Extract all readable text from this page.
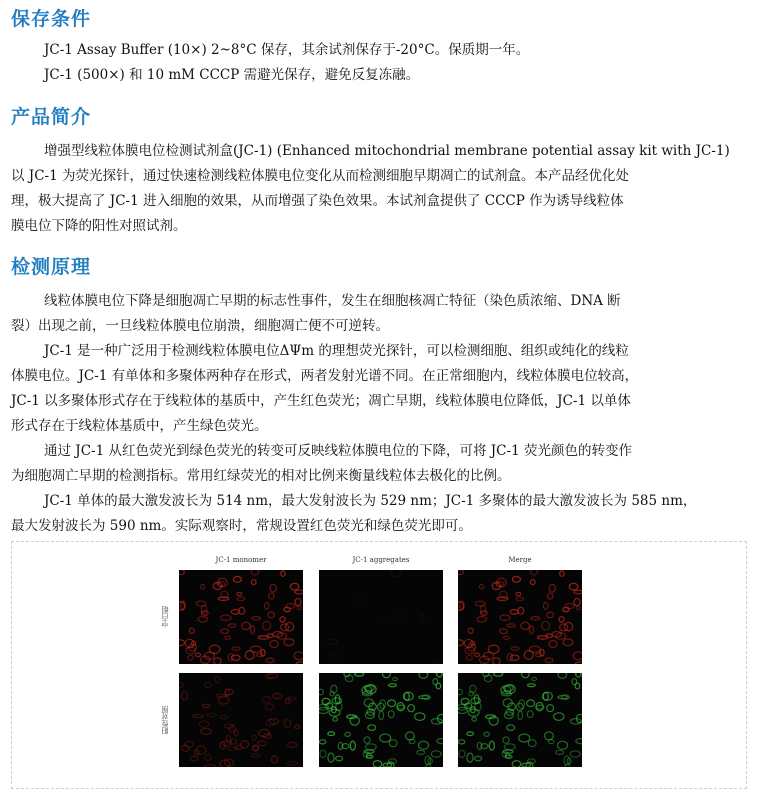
保存条件
JC-1 Assay Buffer (10×) 2~8°C 保存，其余试剂保存于-20°C。保质期一年。
JC-1 (500×) 和 10 mM CCCP 需避光保存，避免反复冻融。
产品简介
增强型线粒体膜电位检测试剂盒(JC-1) (Enhanced mitochondrial membrane potential assay kit with JC-1)
以 JC-1 为荧光探针，通过快速检测线粒体膜电位变化从而检测细胞早期凋亡的试剂盒。本产品经优化处
理，极大提高了 JC-1 进入细胞的效果，从而增强了染色效果。本试剂盒提供了 CCCP 作为诱导线粒体
膜电位下降的阳性对照试剂。
检测原理
线粒体膜电位下降是细胞凋亡早期的标志性事件，发生在细胞核凋亡特征（染色质浓缩、DNA 断
裂）出现之前，一旦线粒体膜电位崩溃，细胞凋亡便不可逆转。
JC-1 是一种广泛用于检测线粒体膜电位ΔΨm 的理想荧光探针，可以检测细胞、组织或纯化的线粒
体膜电位。JC-1 有单体和多聚体两种存在形式，两者发射光谱不同。在正常细胞内，线粒体膜电位较高，
JC-1 以多聚体形式存在于线粒体的基质中，产生红色荧光；凋亡早期，线粒体膜电位降低，JC-1 以单体
形式存在于线粒体基质中，产生绿色荧光。
通过 JC-1 从红色荧光到绿色荧光的转变可反映线粒体膜电位的下降，可将 JC-1 荧光颜色的转变作
为细胞凋亡早期的检测指标。常用红绿荧光的相对比例来衡量线粒体去极化的比例。
JC-1 单体的最大激发波长为 514 nm，最大发射波长为 529 nm；JC-1 多聚体的最大激发波长为 585 nm，
最大发射波长为 590 nm。实际观察时，常规设置红色荧光和绿色荧光即可。
JC-1 monomer	JC-1 aggregates	Merge
空白组
阳性对照
